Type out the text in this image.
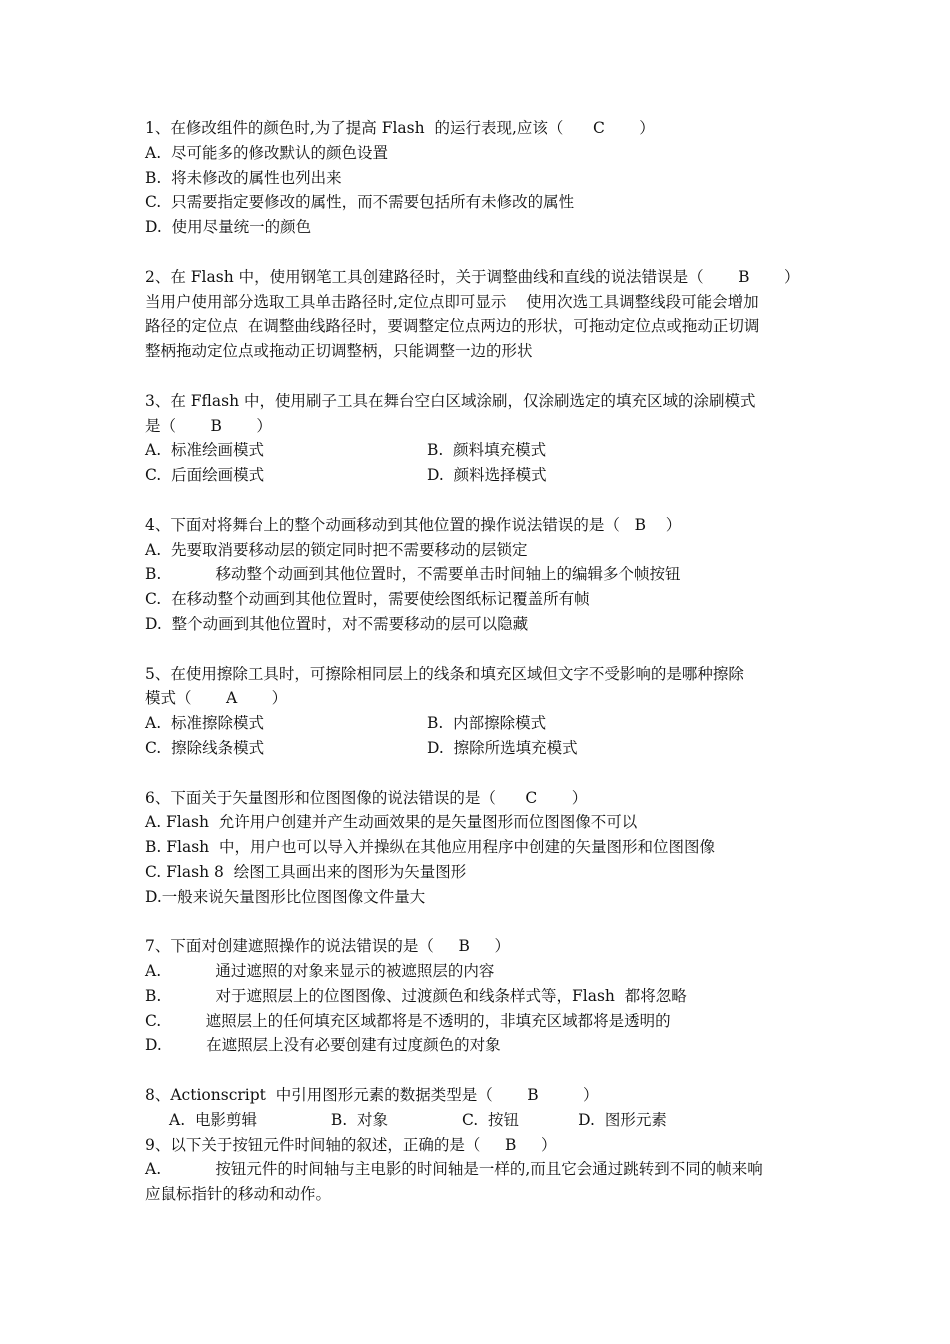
1、在修改组件的颜色时,为了提高 Flash  的运行表现,应该（      C       ）
A.  尽可能多的修改默认的颜色设置
B.  将未修改的属性也列出来
C.  只需要指定要修改的属性，而不需要包括所有未修改的属性
D.  使用尽量统一的颜色
2、在 Flash 中，使用钢笔工具创建路径时，关于调整曲线和直线的说法错误是（       B       ）
当用户使用部分选取工具单击路径时,定位点即可显示    使用次选工具调整线段可能会增加
路径的定位点  在调整曲线路径时，要调整定位点两边的形状，可拖动定位点或拖动正切调
整柄拖动定位点或拖动正切调整柄，只能调整一边的形状
3、在 Fflash 中，使用刷子工具在舞台空白区域涂刷，仅涂刷选定的填充区域的涂刷模式
是（       B       ）
A.  标准绘画模式	B.  颜料填充模式
C.  后面绘画模式	D.  颜料选择模式
4、下面对将舞台上的整个动画移动到其他位置的操作说法错误的是（   B    ）
A.  先要取消要移动层的锁定同时把不需要移动的层锁定
B.           移动整个动画到其他位置时，不需要单击时间轴上的编辑多个帧按钮
C.  在移动整个动画到其他位置时，需要使绘图纸标记覆盖所有帧
D.  整个动画到其他位置时，对不需要移动的层可以隐藏
5、在使用擦除工具时，可擦除相同层上的线条和填充区域但文字不受影响的是哪种擦除
模式（       A       ）
A.  标准擦除模式	B.  内部擦除模式
C.  擦除线条模式	D.  擦除所选填充模式
6、下面关于矢量图形和位图图像的说法错误的是（      C       ）
A. Flash  允许用户创建并产生动画效果的是矢量图形而位图图像不可以
B. Flash  中，用户也可以导入并操纵在其他应用程序中创建的矢量图形和位图图像
C. Flash 8  绘图工具画出来的图形为矢量图形
D.一般来说矢量图形比位图图像文件量大
7、下面对创建遮照操作的说法错误的是（     B     ）
A.           通过遮照的对象来显示的被遮照层的内容
B.           对于遮照层上的位图图像、过渡颜色和线条样式等，Flash  都将忽略
C.         遮照层上的任何填充区域都将是不透明的，非填充区域都将是透明的
D.         在遮照层上没有必要创建有过度颜色的对象
8、Actionscript  中引用图形元素的数据类型是（       B         ）
A.  电影剪辑               B.  对象               C.  按钮            D.  图形元素
9、以下关于按钮元件时间轴的叙述，正确的是（     B     ）
A.           按钮元件的时间轴与主电影的时间轴是一样的,而且它会通过跳转到不同的帧来响
应鼠标指针的移动和动作。
